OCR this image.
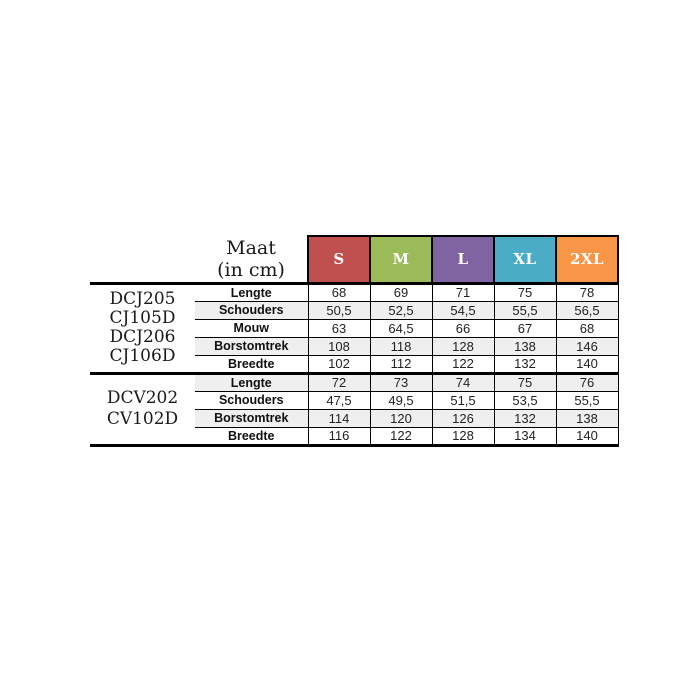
	Maat
(in cm)	S	M	L	XL	2XL

DCJ205
CJ105D
DCJ206
CJ106D	Lengte	68	69	71	75	78
	Schouders	50,5	52,5	54,5	55,5	56,5
	Mouw	63	64,5	66	67	68
	Borstomtrek	108	118	128	138	146
	Breedte	102	112	122	132	140

DCV202
CV102D	Lengte	72	73	74	75	76
	Schouders	47,5	49,5	51,5	53,5	55,5
	Borstomtrek	114	120	126	132	138
	Breedte	116	122	128	134	140
